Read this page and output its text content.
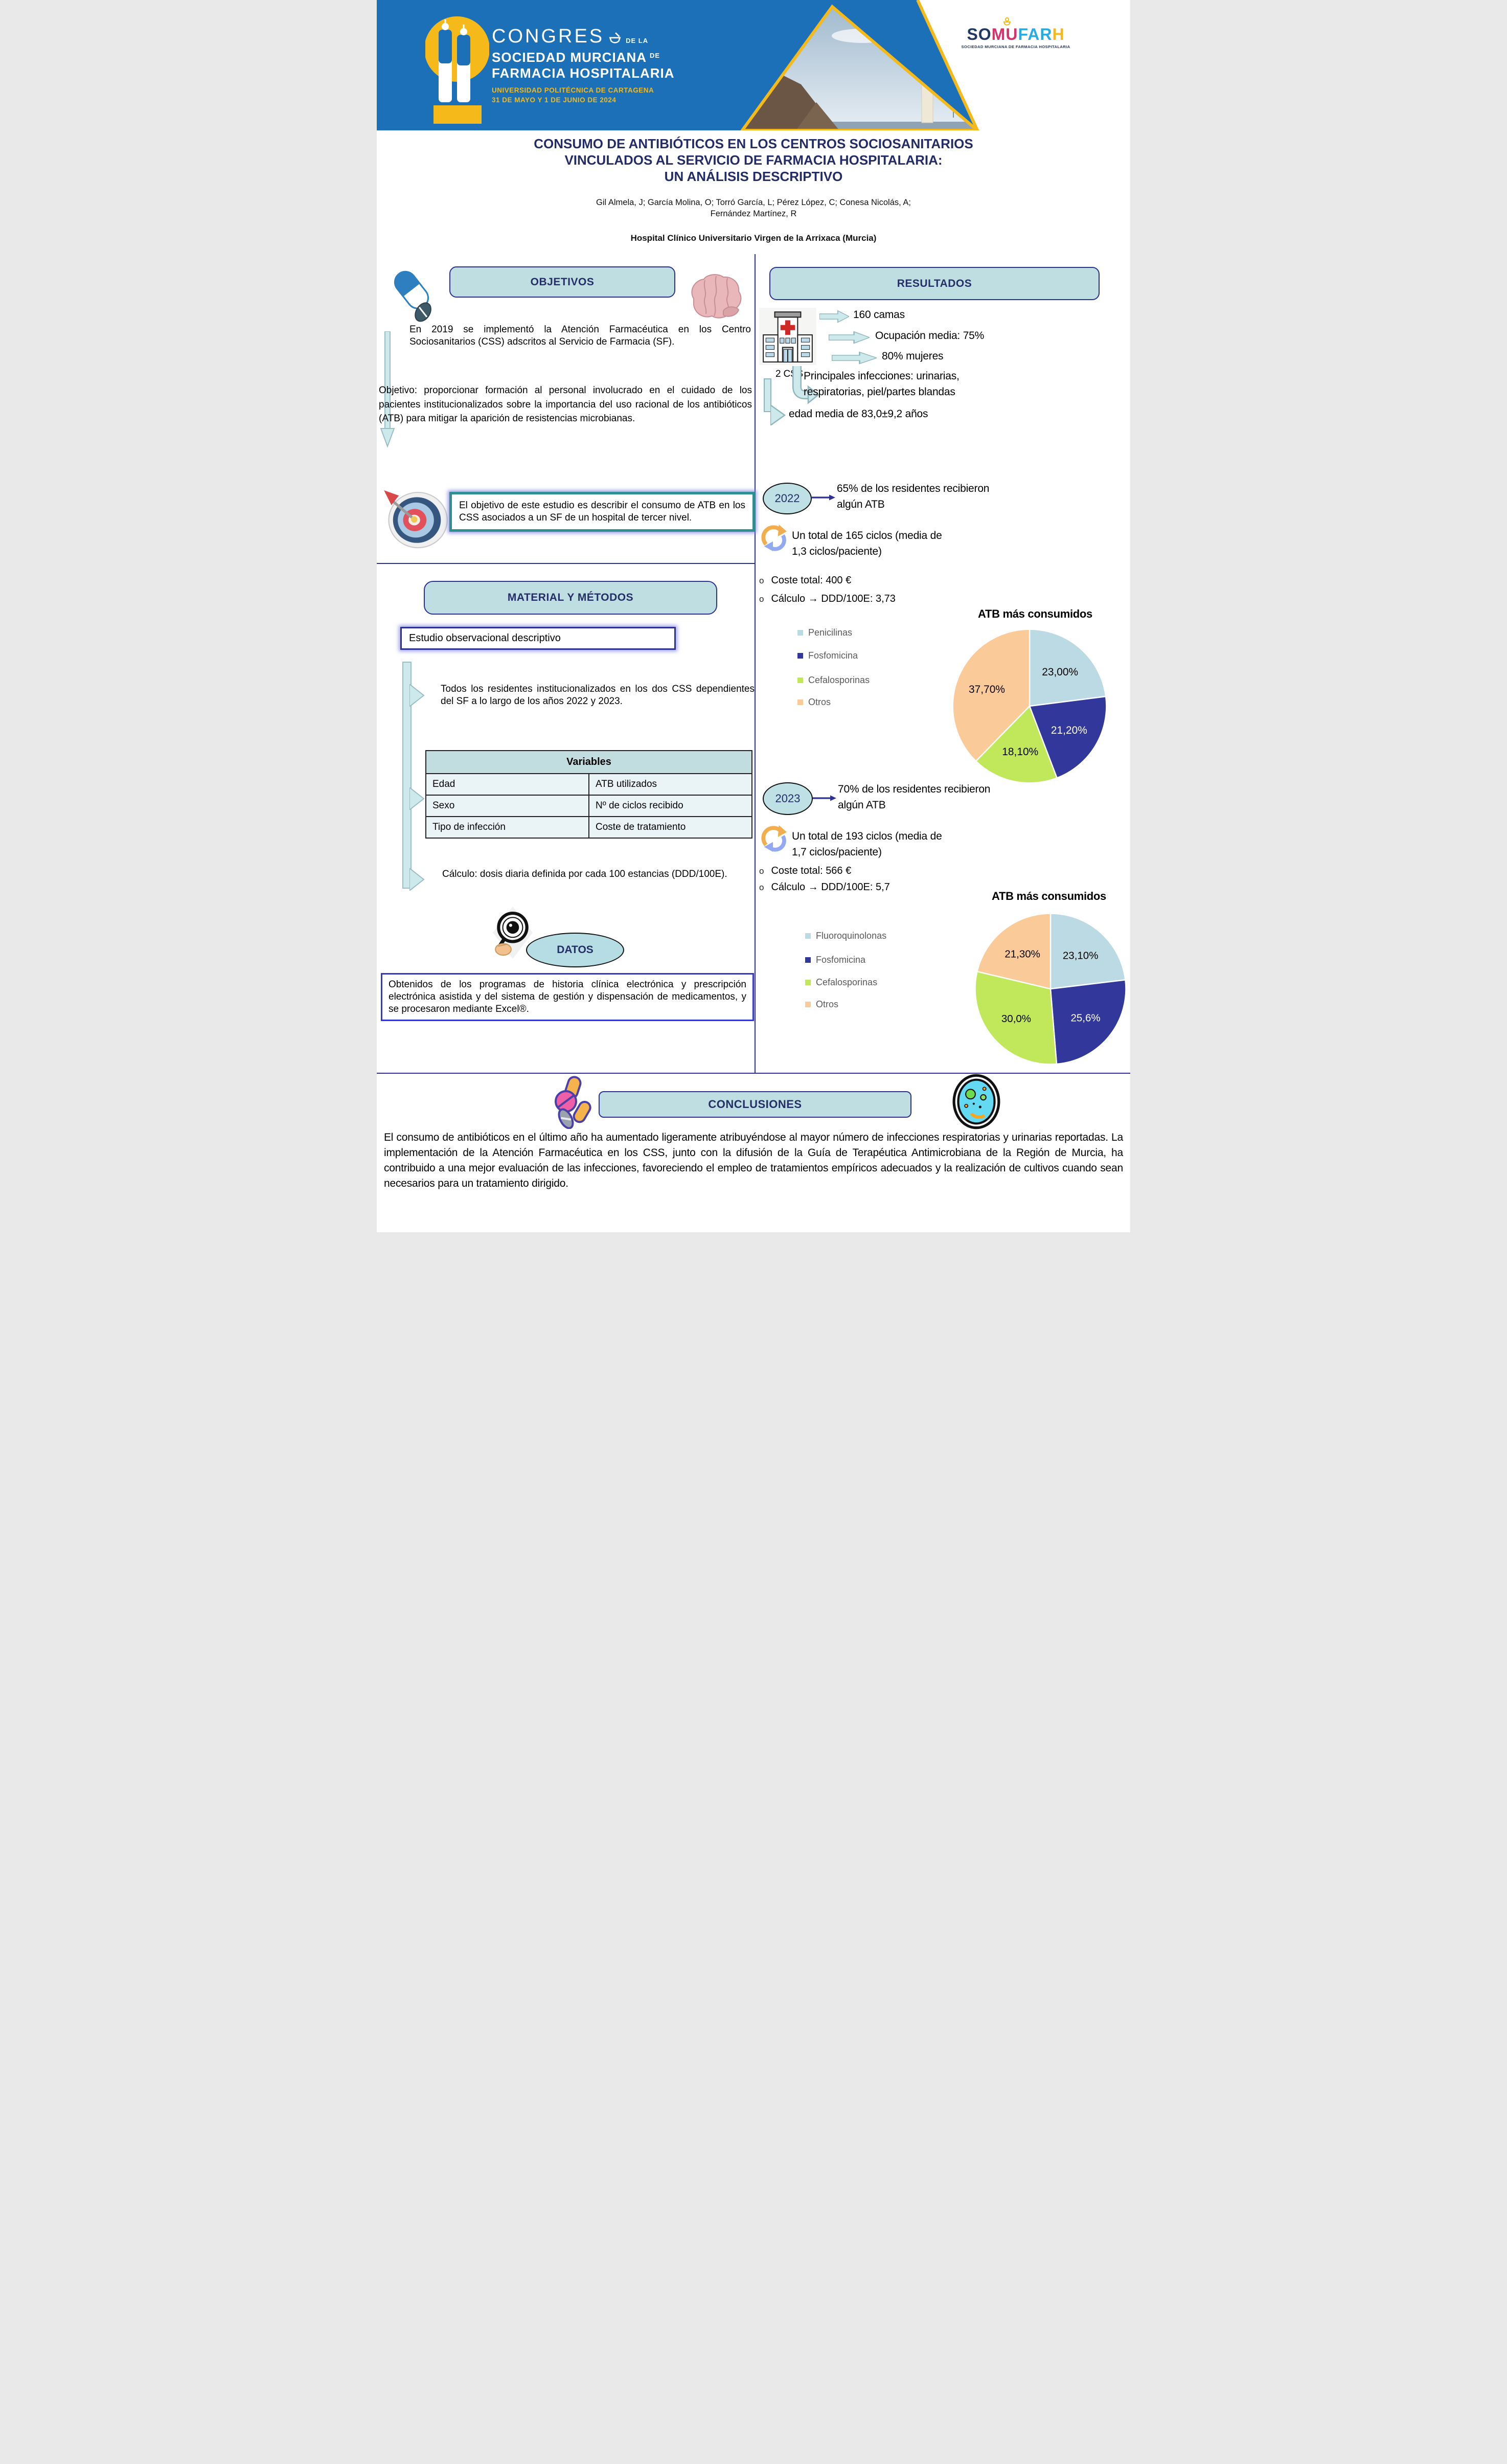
CONGRES	DE LA
SOCIEDAD MURCIANA DE
FARMACIA HOSPITALARIA
UNIVERSIDAD POLITÉCNICA DE CARTAGENA
31 DE MAYO Y 1 DE JUNIO DE 2024
SOMUFARH
SOCIEDAD MURCIANA DE FARMACIA HOSPITALARIA
CONSUMO DE ANTIBIÓTICOS EN LOS CENTROS SOCIOSANITARIOS
VINCULADOS AL SERVICIO DE FARMACIA HOSPITALARIA:
UN ANÁLISIS DESCRIPTIVO
Gil Almela, J; García Molina, O; Torró García, L; Pérez López, C; Conesa Nicolás, A;
Fernández Martínez, R
Hospital Clínico Universitario Virgen de la Arrixaca (Murcia)
OBJETIVOS
En 2019 se implementó la Atención Farmacéutica en los Centro Sociosanitarios (CSS) adscritos al Servicio de Farmacia (SF).
Objetivo: proporcionar formación al personal involucrado en el cuidado de los pacientes institucionalizados sobre la importancia del uso racional de los antibióticos (ATB) para mitigar la aparición de resistencias microbianas.
El objetivo de este estudio es describir el consumo de ATB en los CSS asociados a un SF de un hospital de tercer nivel.
MATERIAL Y MÉTODOS
Estudio observacional descriptivo
Todos los residentes institucionalizados en los dos CSS dependientes del SF a lo largo de los años 2022 y 2023.
Variables	
Edad	ATB utilizados
Sexo	Nº de ciclos recibido
Tipo de infección	Coste de tratamiento
Cálculo: dosis diaria definida por cada 100 estancias (DDD/100E).
DATOS
Obtenidos de los programas de historia clínica electrónica y prescripción electrónica asistida y del sistema de gestión y dispensación de medicamentos, y se procesaron mediante Excel®.
RESULTADOS
2 CSS
160 camas
Ocupación media: 75%
80% mujeres
Principales infecciones: urinarias,
respiratorias, piel/partes blandas
edad media de 83,0±9,2 años
2022
65% de los residentes recibieron algún ATB
Un total de 165 ciclos (media de 1,3 ciclos/paciente)
o Coste total: 400 €
o Cálculo → DDD/100E: 3,73
ATB más consumidos
23,00%
21,20%
18,10%
37,70%
Penicilinas
Fosfomicina
Cefalosporinas
Otros
2023
70% de los residentes recibieron algún ATB
Un total de 193 ciclos (media de 1,7 ciclos/paciente)
o Coste total: 566 €
o Cálculo → DDD/100E: 5,7
ATB más consumidos
23,10%
25,6%
30,0%
21,30%
Fluoroquinolonas
Fosfomicina
Cefalosporinas
Otros
CONCLUSIONES
El consumo de antibióticos en el último año ha aumentado ligeramente atribuyéndose al mayor número de infecciones respiratorias y urinarias reportadas. La implementación de la Atención Farmacéutica en los CSS, junto con la difusión de la Guía de Terapéutica Antimicrobiana de la Región de Murcia, ha contribuido a una mejor evaluación de las infecciones, favoreciendo el empleo de tratamientos empíricos adecuados y la realización de cultivos cuando sean necesarios para un tratamiento dirigido.
